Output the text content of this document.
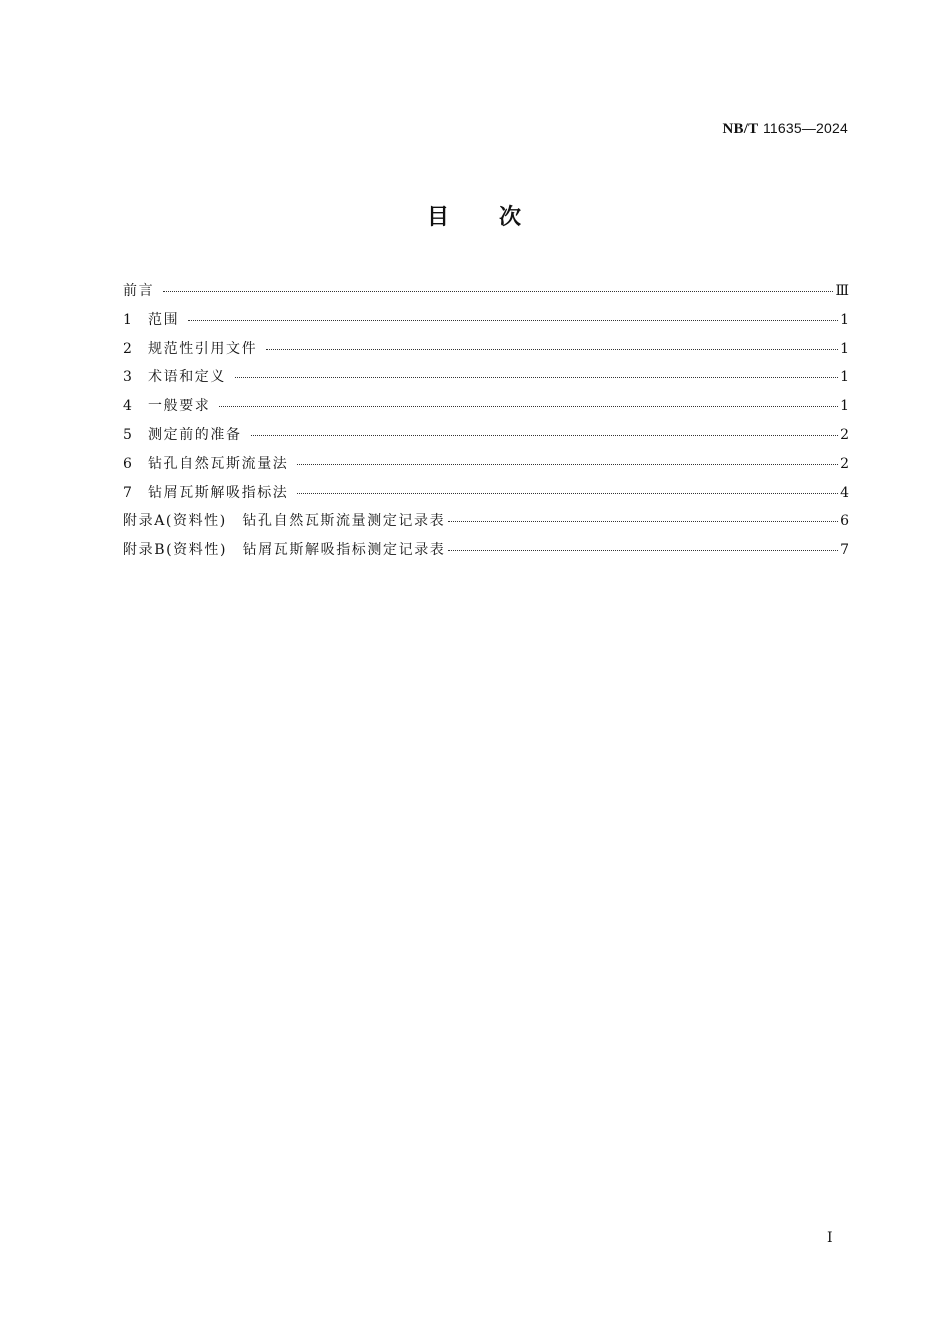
NB/T 11635—2024
目 次
前言	Ⅲ
1 范围	1
2 规范性引用文件	1
3 术语和定义	1
4 一般要求	1
5 测定前的准备	2
6 钻孔自然瓦斯流量法	2
7 钻屑瓦斯解吸指标法	4
附录A(资料性)　钻孔自然瓦斯流量测定记录表	6
附录B(资料性)　钻屑瓦斯解吸指标测定记录表	7
I
